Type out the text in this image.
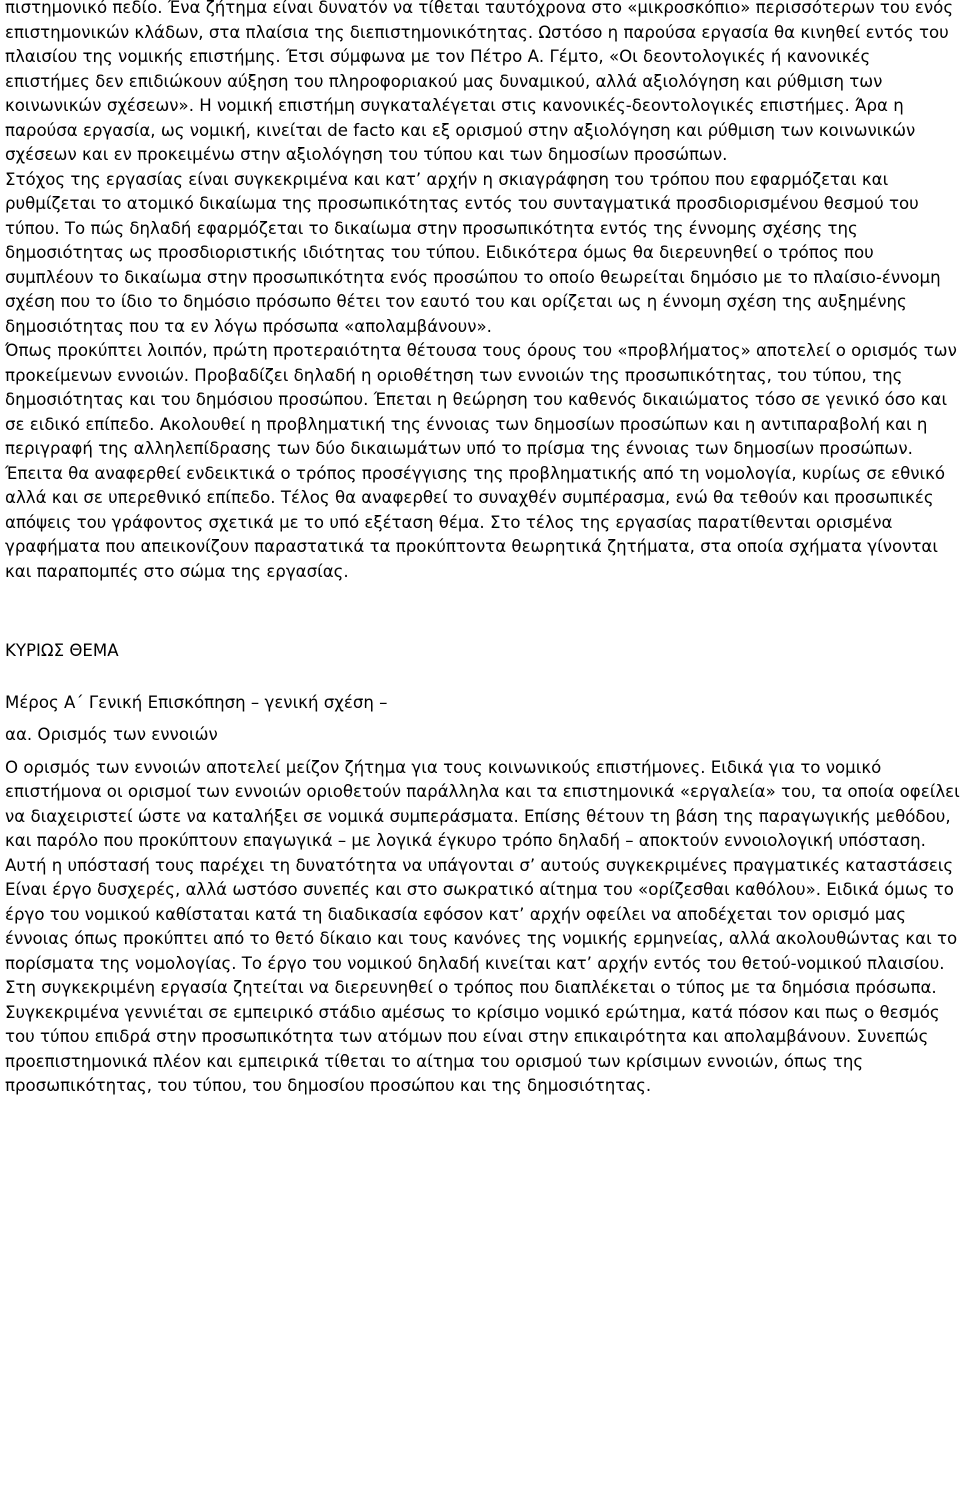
πιστημονικό πεδίο. Ένα ζήτημα είναι δυνατόν να τίθεται ταυτόχρονα στο «μικροσκόπιο» περισσότερων του ενός επιστημονικών κλάδων, στα πλαίσια της διεπιστημονικότητας. Ωστόσο η παρούσα εργασία θα κινηθεί εντός του πλαισίου της νομικής επιστήμης. Έτσι σύμφωνα με τον Πέτρο Α. Γέμτο, «Οι δεοντολογικές ή κανονικές επιστήμες δεν επιδιώκουν αύξηση του πληροφοριακού μας δυναμικού, αλλά αξιολόγηση και ρύθμιση των κοινωνικών σχέσεων». Η νομική επιστήμη συγκαταλέγεται στις κανονικές-δεοντολογικές επιστήμες. Άρα η παρούσα εργασία, ως νομική, κινείται de facto και εξ ορισμού στην αξιολόγηση και ρύθμιση των κοινωνικών σχέσεων και εν προκειμένω στην αξιολόγηση του τύπου και των δημοσίων προσώπων.

Στόχος της εργασίας είναι συγκεκριμένα και κατ’ αρχήν η σκιαγράφηση του τρόπου που εφαρμόζεται και ρυθμίζεται το ατομικό δικαίωμα της προσωπικότητας εντός του συνταγματικά προσδιορισμένου θεσμού του τύπου. Το πώς δηλαδή εφαρμόζεται το δικαίωμα στην προσωπικότητα εντός της έννομης σχέσης της δημοσιότητας ως προσδιοριστικής ιδιότητας του τύπου. Ειδικότερα όμως θα διερευνηθεί ο τρόπος που συμπλέουν το δικαίωμα στην προσωπικότητα ενός προσώπου το οποίο θεωρείται δημόσιο με το πλαίσιο-έννομη σχέση που το ίδιο το δημόσιο πρόσωπο θέτει τον εαυτό του και ορίζεται ως η έννομη σχέση της αυξημένης δημοσιότητας που τα εν λόγω πρόσωπα «απολαμβάνουν».

Όπως προκύπτει λοιπόν, πρώτη προτεραιότητα θέτουσα τους όρους του «προβλήματος» αποτελεί ο ορισμός των προκείμενων εννοιών. Προβαδίζει δηλαδή η οριοθέτηση των εννοιών της προσωπικότητας, του τύπου, της δημοσιότητας και του δημόσιου προσώπου. Έπεται η θεώρηση του καθενός δικαιώματος τόσο σε γενικό όσο και σε ειδικό επίπεδο. Ακολουθεί η προβληματική της έννοιας των δημοσίων προσώπων και η αντιπαραβολή και η περιγραφή της αλληλεπίδρασης των δύο δικαιωμάτων υπό το πρίσμα της έννοιας των δημοσίων προσώπων. Έπειτα θα αναφερθεί ενδεικτικά ο τρόπος προσέγγισης της προβληματικής από τη νομολογία, κυρίως σε εθνικό αλλά και σε υπερεθνικό επίπεδο. Τέλος θα αναφερθεί το συναχθέν συμπέρασμα, ενώ θα τεθούν και προσωπικές απόψεις του γράφοντος σχετικά με το υπό εξέταση θέμα. Στο τέλος της εργασίας παρατίθενται ορισμένα γραφήματα που απεικονίζουν παραστατικά τα προκύπτοντα θεωρητικά ζητήματα, στα οποία σχήματα γίνονται και παραπομπές στο σώμα της εργασίας.

ΚΥΡΙΩΣ ΘΕΜΑ

Μέρος Α΄ Γενική Επισκόπηση – γενική σχέση –

αα. Ορισμός των εννοιών

Ο ορισμός των εννοιών αποτελεί μείζον ζήτημα για τους κοινωνικούς επιστήμονες. Ειδικά για το νομικό επιστήμονα οι ορισμοί των εννοιών οριοθετούν παράλληλα και τα επιστημονικά «εργαλεία» του, τα οποία οφείλει να διαχειριστεί ώστε να καταλήξει σε νομικά συμπεράσματα. Επίσης θέτουν τη βάση της παραγωγικής μεθόδου, και παρόλο που προκύπτουν επαγωγικά – με λογικά έγκυρο τρόπο δηλαδή – αποκτούν εννοιολογική υπόσταση. Αυτή η υπόστασή τους παρέχει τη δυνατότητα να υπάγονται σ’ αυτούς συγκεκριμένες πραγματικές καταστάσεις

Είναι έργο δυσχερές, αλλά ωστόσο συνεπές και στο σωκρατικό αίτημα του «ορίζεσθαι καθόλου». Ειδικά όμως το έργο του νομικού καθίσταται κατά τη διαδικασία εφόσον κατ’ αρχήν οφείλει να αποδέχεται τον ορισμό μας έννοιας όπως προκύπτει από το θετό δίκαιο και τους κανόνες της νομικής ερμηνείας, αλλά ακολουθώντας και το πορίσματα της νομολογίας. Το έργο του νομικού δηλαδή κινείται κατ’ αρχήν εντός του θετού-νομικού πλαισίου.

Στη συγκεκριμένη εργασία ζητείται να διερευνηθεί ο τρόπος που διαπλέκεται ο τύπος με τα δημόσια πρόσωπα. Συγκεκριμένα γεννιέται σε εμπειρικό στάδιο αμέσως το κρίσιμο νομικό ερώτημα, κατά πόσον και πως ο θεσμός του τύπου επιδρά στην προσωπικότητα των ατόμων που είναι στην επικαιρότητα και απολαμβάνουν. Συνεπώς προεπιστημονικά πλέον και εμπειρικά τίθεται το αίτημα του ορισμού των κρίσιμων εννοιών, όπως της προσωπικότητας, του τύπου, του δημοσίου προσώπου και της δημοσιότητας.
